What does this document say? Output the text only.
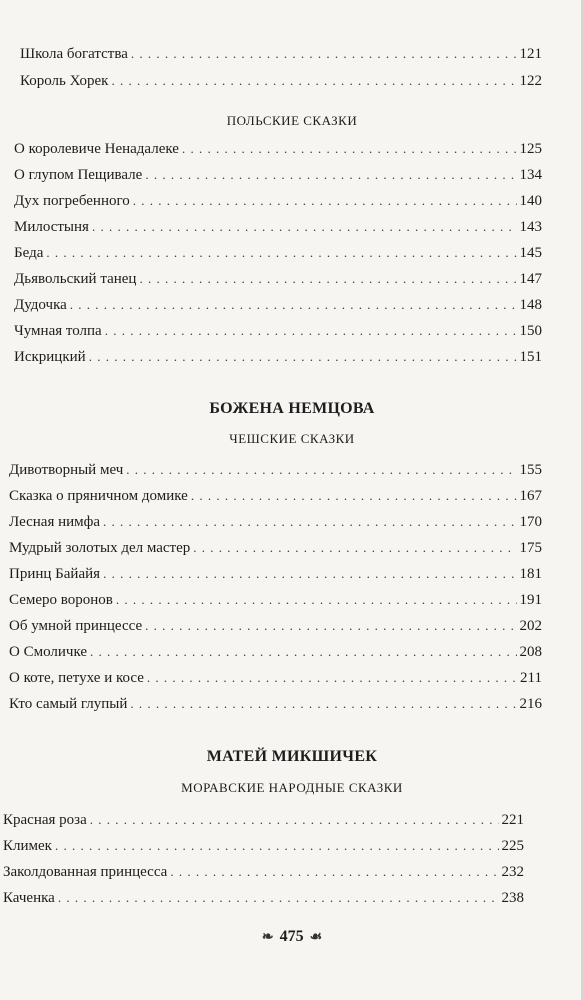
Школа богатства . . .	121
Король Хорек . . .	122
ПОЛЬСКИЕ СКАЗКИ
О королевиче Ненадалеке . . .	125
О глупом Пещивале . . .	134
Дух погребенного . . .	140
Милостыня . . .	143
Беда . . .	145
Дьявольский танец . . .	147
Дудочка . . .	148
Чумная толпа . . .	150
Искрицкий . . .	151
БОЖЕНА НЕМЦОВА
ЧЕШСКИЕ СКАЗКИ
Дивотворный меч . . .	155
Сказка о пряничном домике . . .	167
Лесная нимфа . . .	170
Мудрый золотых дел мастер . . .	175
Принц Байайя . . .	181
Семеро воронов . . .	191
Об умной принцессе . . .	202
О Смоличке . . .	208
О коте, петухе и косе . . .	211
Кто самый глупый . . .	216
МАТЕЙ МИКШИЧЕК
МОРАВСКИЕ НАРОДНЫЕ СКАЗКИ
Красная роза . . .	221
Климек . . .	225
Заколдованная принцесса . . .	232
Каченка . . .	238
❧ 475 ☙
